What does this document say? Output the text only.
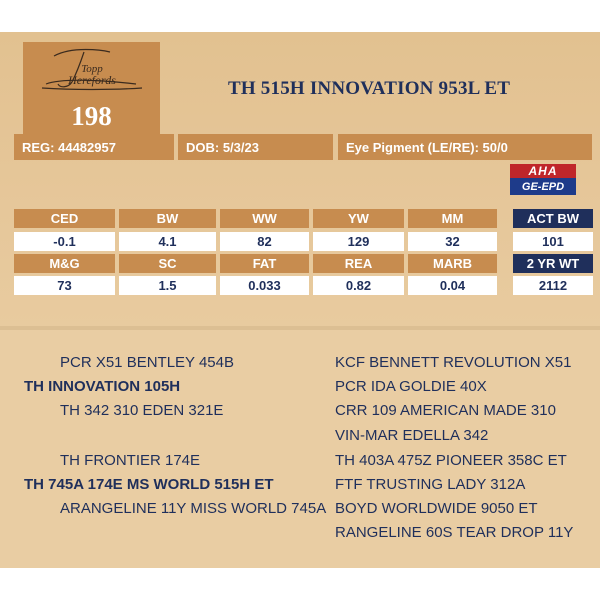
Topp
Herefords
198
TH 515H INNOVATION 953L ET
REG: 44482957	DOB: 5/3/23	Eye Pigment (LE/RE): 50/0
AHA
GE-EPD
CED	BW	WW	YW	MM	ACT BW
-0.1	4.1	82	129	32	101
M&G	SC	FAT	REA	MARB	2 YR WT
73	1.5	0.033	0.82	0.04	2112
PCR X51 BENTLEY 454B
TH INNOVATION 105H
TH 342 310 EDEN 321E
TH FRONTIER 174E
TH 745A 174E MS WORLD 515H ET
ARANGELINE 11Y MISS WORLD 745A
KCF BENNETT REVOLUTION X51
PCR IDA GOLDIE 40X
CRR 109 AMERICAN MADE 310
VIN-MAR EDELLA 342
TH 403A 475Z PIONEER 358C ET
FTF TRUSTING LADY 312A
BOYD WORLDWIDE 9050 ET
RANGELINE 60S TEAR DROP 11Y
